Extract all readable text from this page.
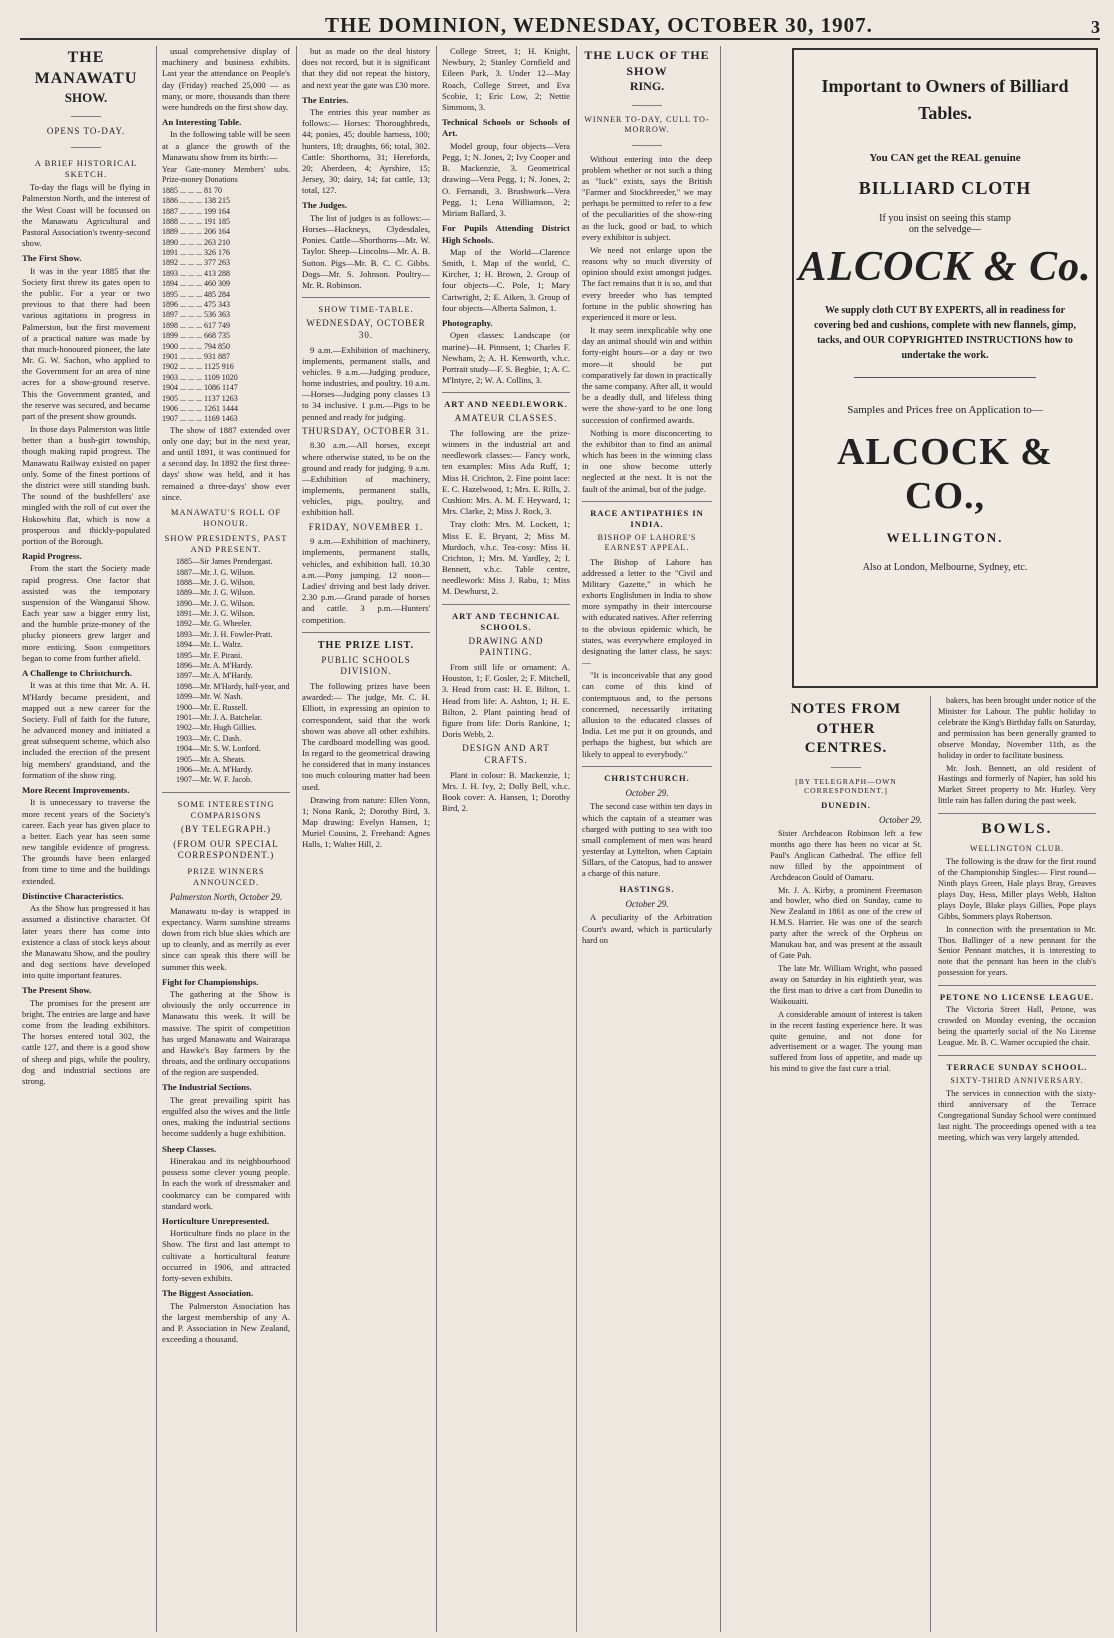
THE DOMINION, WEDNESDAY, OCTOBER 30, 1907.	3
THE MANAWATU
SHOW.
———
OPENS TO-DAY.
———
A BRIEF HISTORICAL SKETCH.

To-day the flags will be flying in Palmerston North, and the interest of the West Coast will be focussed on the Manawatu Agricultural and Pastoral Association's twenty-second show.

The First Show.

It was in the year 1885 that the Society first threw its gates open to the public. For a year or two previous to that there had been various agitations in progress in Palmerston, but the first movement of a practical nature was made by that much-honoured pioneer, the late Mr. G. W. Sachon, who applied to the Government for an area of nine acres for a show-ground reserve. This the Government granted, and the reserve was secured, and became part of the present show grounds.

In those days Palmerston was little better than a bush-girt township, though making rapid progress. The Manawatu Railway existed on paper only. Some of the finest portions of the district were still standing bush. The sound of the bushfellers' axe mingled with the roll of cut over the Hokowhitu flat, which is now a prosperous and thickly-populated portion of the Borough.

Rapid Progress.

From the start the Society made rapid progress. One factor that assisted was the temporary suspension of the Wanganui Show. Each year saw a bigger entry list, and the humble prize-money of the plucky pioneers grew larger and more enticing. Soon competitors began to come from further afield.

A Challenge to Christchurch.

It was at this time that Mr. A. H. M'Hardy became president, and mapped out a new career for the Society. Full of faith for the future, he advanced money and initiated a great subsequent scheme, which also included the erection of the present big members' grandstand, and the formation of the show ring.

More Recent Improvements.

It is unnecessary to traverse the more recent years of the Society's career. Each year has given place to a better. Each year has seen some new tangible evidence of progress. The grounds have been enlarged from time to time and the buildings extended.

Distinctive Characteristics.

As the Show has progressed it has assumed a distinctive character. Of later years there has come into existence a class of stock keys about the Manawatu Show, and the poultry and dog sections have developed into quite important features.

The Present Show.

The promises for the present are bright. The entries are large and have come from the leading exhibitors. The horses entered total 302, the cattle 127, and there is a good show of sheep and pigs, while the poultry, dog and industrial sections are strong.

usual comprehensive display of machinery and business exhibits. Last year the attendance on People's day (Friday) reached 25,000 — as many, or more, thousands than there were hundreds on the first show day.

An Interesting Table.

In the following table will be seen at a glance the growth of the Manawatu show from its birth:—

Year Gate-money Members' subs. Prize-money Donations
1885 ... ... ... 81 70
1886 ... ... ... 138 215
1887 ... ... ... 199 164
1888 ... ... ... 191 185
1889 ... ... ... 206 164
1890 ... ... ... 263 210
1891 ... ... ... 326 176
1892 ... ... ... 377 263
1893 ... ... ... 413 288
1894 ... ... ... 460 309
1895 ... ... ... 485 284
1896 ... ... ... 475 343
1897 ... ... ... 536 363
1898 ... ... ... 617 749
1899 ... ... ... 668 735
1900 ... ... ... 794 850
1901 ... ... ... 931 887
1902 ... ... ... 1125 916
1903 ... ... ... 1109 1020
1904 ... ... ... 1086 1147
1905 ... ... ... 1137 1263
1906 ... ... ... 1261 1444
1907 ... ... ... 1169 1463

The show of 1887 extended over only one day; but in the next year, and until 1891, it was continued for a second day. In 1892 the first three-days' show was held, and it has remained a three-days' show ever since.

MANAWATU'S ROLL OF HONOUR.
SHOW PRESIDENTS, PAST AND PRESENT.
1885—Sir James Prendergast.
1887—Mr. J. G. Wilson.
1888—Mr. J. G. Wilson.
1889—Mr. J. G. Wilson.
1890—Mr. J. G. Wilson.
1891—Mr. J. G. Wilson.
1892—Mr. G. Wheeler.
1893—Mr. J. H. Fowler-Pratt.
1894—Mr. L. Waltz.
1895—Mr. F. Pirani.
1896—Mr. A. M'Hardy.
1897—Mr. A. M'Hardy.
1898—Mr. M'Hardy, half-year, and
1899—Mr. W. Nash.
1900—Mr. E. Russell.
1901—Mr. J. A. Batchelar.
1902—Mr. Hugh Gillies.
1903—Mr. C. Dash.
1904—Mr. S. W. Lonford.
1905—Mr. A. Sheats.
1906—Mr. A. M'Hardy.
1907—Mr. W. F. Jacob.
SOME INTERESTING COMPARISONS
(BY TELEGRAPH.)
(FROM OUR SPECIAL CORRESPONDENT.)
PRIZE WINNERS ANNOUNCED.
Palmerston North, October 29.

Manawatu to-day is wrapped in expectancy. Warm sunshine streams down from rich blue skies which are up to cleanly, and as merrily as ever since can speak this there will be summer this week.

Fight for Championships.

The gathering at the Show is obviously the only occurrence in Manawatu this week. It will be massive. The spirit of competition has urged Manawatu and Wairarapa and Hawke's Bay farmers by the throats, and the ordinary occupations of the region are suspended.

The Industrial Sections.

The great prevailing spirit has engulfed also the wives and the little ones, making the industrial sections become suddenly a huge exhibition.

Sheep Classes.

Hinerakau and its neighbourhood possess some clever young people. In each the work of dressmaker and cookmarcy can be compared with standard work.

Horticulture Unrepresented.

Horticulture finds no place in the Show. The first and last attempt to cultivate a horticultural feature occurred in 1906, and attracted forty-seven exhibits.

The Biggest Association.

The Palmerston Association has the largest membership of any A. and P. Association in New Zealand, exceeding a thousand.

but as made on the deal history does not record, but it is significant that they did not repeat the history, and next year the gate was £30 more.

The Entries.

The entries this year number as follows:— Horses: Thoroughbreds, 44; ponies, 45; double harness, 100; hunters, 18; draughts, 66; total, 302. Cattle: Shorthorns, 31; Herefords, 20; Aberdeen, 4; Ayrshire, 15; Jersey, 30; dairy, 14; fat cattle, 13; total, 127.

The Judges.

The list of judges is as follows:— Horses—Hackneys, Clydesdales, Ponies. Cattle—Shorthorns—Mr. W. Taylor. Sheep—Lincolns—Mr. A. B. Sutton. Pigs—Mr. B. C. C. Gibbs. Dogs—Mr. S. Johnson. Poultry—Mr. R. Robinson.

SHOW TIME-TABLE.
WEDNESDAY, OCTOBER 30.

9 a.m.—Exhibition of machinery, implements, permanent stalls, and vehicles. 9 a.m.—Judging produce, home industries, and poultry. 10 a.m.—Horses—Judging pony classes 13 to 34 inclusive. 1 p.m.—Pigs to be penned and ready for judging.

THURSDAY, OCTOBER 31.

8.30 a.m.—All horses, except where otherwise stated, to be on the ground and ready for judging. 9 a.m.—Exhibition of machinery, implements, permanent stalls, vehicles, pigs, poultry, and exhibition hall.

FRIDAY, NOVEMBER 1.

9 a.m.—Exhibition of machinery, implements, permanent stalls, vehicles, and exhibition hall. 10.30 a.m.—Pony jumping. 12 noon—Ladies' driving and best lady driver. 2.30 p.m.—Grand parade of horses and cattle. 3 p.m.—Hunters' competition.

THE PRIZE LIST.
PUBLIC SCHOOLS DIVISION.

The following prizes have been awarded:— The judge, Mr. C. H. Elliott, in expressing an opinion to correspondent, said that the work shown was above all other exhibits. The cardboard modelling was good. In regard to the geometrical drawing he considered that in many instances too much colouring matter had been used.

Drawing from nature: Ellen Yonn, 1; Nona Rank, 2; Dorothy Bird, 3. Map drawing: Evelyn Hansen, 1; Muriel Cousins, 2. Freehand: Agnes Halls, 1; Walter Hill, 2.

College Street, 1; H. Knight, Newbury, 2; Stanley Cornfield and Eileen Park, 3. Under 12—May Roach, College Street, and Eva Scobie, 1; Eric Low, 2; Nettie Simmons, 3.

Technical Schools or Schools of Art.

Model group, four objects—Vera Pegg, 1; N. Jones, 2; Ivy Cooper and B. Mackenzie, 3. Geometrical drawing—Vera Pegg, 1; N. Jones, 2; O. Fernandi, 3. Brushwork—Vera Pegg, 1; Lena Williamson, 2; Miriam Ballard, 3.

For Pupils Attending District High Schools.

Map of the World—Clarence Smith, 1. Map of the world, C. Kircher, 1; H. Brown, 2. Group of four objects—C. Pole, 1; Mary Cartwright, 2; E. Aiken, 3. Group of four objects—Alberta Salmon, 1.

Photography.

Open classes: Landscape (or marine)—H. Pinnsent, 1; Charles F. Newham, 2; A. H. Kenworth, v.h.c. Portrait study—F. S. Begbie, 1; A. C. M'Intyre, 2; W. A. Collins, 3.

ART AND NEEDLEWORK.
AMATEUR CLASSES.

The following are the prize-winners in the industrial art and needlework classes:— Fancy work, ten examples: Miss Ada Ruff, 1; Miss H. Crichton, 2. Fine point lace: E. C. Hazelwood, 1; Mrs. E. Rills, 2. Cushion: Mrs. A. M. F. Heyward, 1; Mrs. Clarke, 2; Miss J. Rock, 3.

Tray cloth: Mrs. M. Lockett, 1; Miss E. E. Bryant, 2; Miss M. Murdoch, v.h.c. Tea-cosy: Miss H. Crichton, 1; Mrs. M. Yardley, 2; I. Bennett, v.h.c. Table centre, needlework: Miss J. Rabu, 1; Miss M. Dewhurst, 2.

ART AND TECHNICAL SCHOOLS.
DRAWING AND PAINTING.

From still life or ornament: A. Houston, 1; F. Gosler, 2; F. Mitchell, 3. Head from cast: H. E. Bilton, 1. Head from life: A. Ashton, 1; H. E. Bilton, 2. Plant painting head of figure from life: Doris Rankine, 1; Doris Webb, 2.

DESIGN AND ART CRAFTS.

Plant in colour: B. Mackenzie, 1; Mrs. J. H. Ivy, 2; Dolly Bell, v.h.c. Book cover: A. Hansen, 1; Dorothy Bird, 2.

THE LUCK OF THE SHOW
RING.
———
WINNER TO-DAY, CULL TO-MORROW.
———

Without entering into the deep problem whether or not such a thing as "luck" exists, says the British "Farmer and Stockbreeder," we may perhaps be permitted to refer to a few of the peculiarities of the show-ring as the luck, good or bad, to which every exhibitor is subject.

We need not enlarge upon the reasons why so much diversity of opinion should exist amongst judges. The fact remains that it is so, and that every breeder who has tempted fortune in the public showring has experienced it more or less.

It may seem inexplicable why one day an animal should win and within forty-eight hours—or a day or two more—it should be put comparatively far down in practically the same company. After all, it would be a deadly dull, and lifeless thing were the show-yard to be one long succession of confirmed awards.

Nothing is more disconcerting to the exhibitor than to find an animal which has been in the winning class in one show become utterly neglected at the next. It is not the fault of the animal, but of the judge.

RACE ANTIPATHIES IN INDIA.
BISHOP OF LAHORE'S EARNEST APPEAL.

The Bishop of Lahore has addressed a letter to the "Civil and Military Gazette," in which he exhorts Englishmen in India to show more sympathy in their intercourse with educated natives. After referring to the obvious epidemic which, he states, was everywhere employed in designating the latter class, he says:—

"It is inconceivable that any good can come of this kind of contemptuous and, to the persons concerned, necessarily irritating allusion to the educated classes of India. Let me put it on grounds, and perhaps the highest, but which are likely to appeal to everybody."

CHRISTCHURCH.
October 29.

The second case within ten days in which the captain of a steamer was charged with putting to sea with too small complement of men was heard yesterday at Lyttelton, when Captain Sillars, of the Catopus, had to answer a charge of this nature.

HASTINGS.
October 29.

A peculiarity of the Arbitration Court's award, which is particularly hard on

Important to Owners of Billiard
Tables.
You CAN get the REAL genuine
BILLIARD CLOTH
If you insist on seeing this stamp
on the selvedge—
ALCOCK & Co.
We supply cloth CUT BY EXPERTS, all in readiness for covering bed and cushions, complete with new flannels, gimp, tacks, and OUR COPYRIGHTED INSTRUCTIONS how to undertake the work.
Samples and Prices free on Application to—
ALCOCK & CO.,
WELLINGTON.
Also at London, Melbourne, Sydney, etc.
NOTES FROM OTHER
CENTRES.
———
[BY TELEGRAPH—OWN CORRESPONDENT.]
DUNEDIN.
October 29.

Sister Archdeacon Robinson left a few months ago there has been no vicar at St. Paul's Anglican Cathedral. The office fell now filled by the appointment of Archdeacon Gould of Oamaru.

Mr. J. A. Kirby, a prominent Freemason and bowler, who died on Sunday, came to New Zealand in 1861 as one of the crew of H.M.S. Harrier. He was one of the search party after the wreck of the Orpheus on Manukau bar, and was present at the assault of Gate Pah.

The late Mr. William Wright, who passed away on Saturday in his eightieth year, was the first man to drive a cart from Dunedin to Waikouaiti.

A considerable amount of interest is taken in the recent fasting experience here. It was quite genuine, and not done for advertisement or a wager. The young man suffered from loss of appetite, and made up his mind to give the fast cure a trial.

bakers, has been brought under notice of the Minister for Labour. The public holiday to celebrate the King's Birthday falls on Saturday, and permission has been generally granted to observe Monday, November 11th, as the holiday in order to facilitate business.

Mr. Josh. Bennett, an old resident of Hastings and formerly of Napier, has sold his Market Street property to Mr. Hurley. Very little rain has fallen during the past week.

BOWLS.
WELLINGTON CLUB.

The following is the draw for the first round of the Championship Singles:— First round—Ninth plays Green, Hale plays Bray, Greaves plays Day, Hess, Miller plays Webb, Halton plays Doyle, Blake plays Gillies, Pope plays Gibbs, Sommers plays Robertson.

In connection with the presentation to Mr. Thos. Ballinger of a new pennant for the Senior Pennant matches, it is interesting to note that the pennant has been in the club's possession for years.

PETONE NO LICENSE LEAGUE.

The Victoria Street Hall, Petone, was crowded on Monday evening, the occasion being the quarterly social of the No License League. Mr. B. C. Warner occupied the chair.

TERRACE SUNDAY SCHOOL.
SIXTY-THIRD ANNIVERSARY.

The services in connection with the sixty-third anniversary of the Terrace Congregational Sunday School were continued last night. The proceedings opened with a tea meeting, which was very largely attended.
